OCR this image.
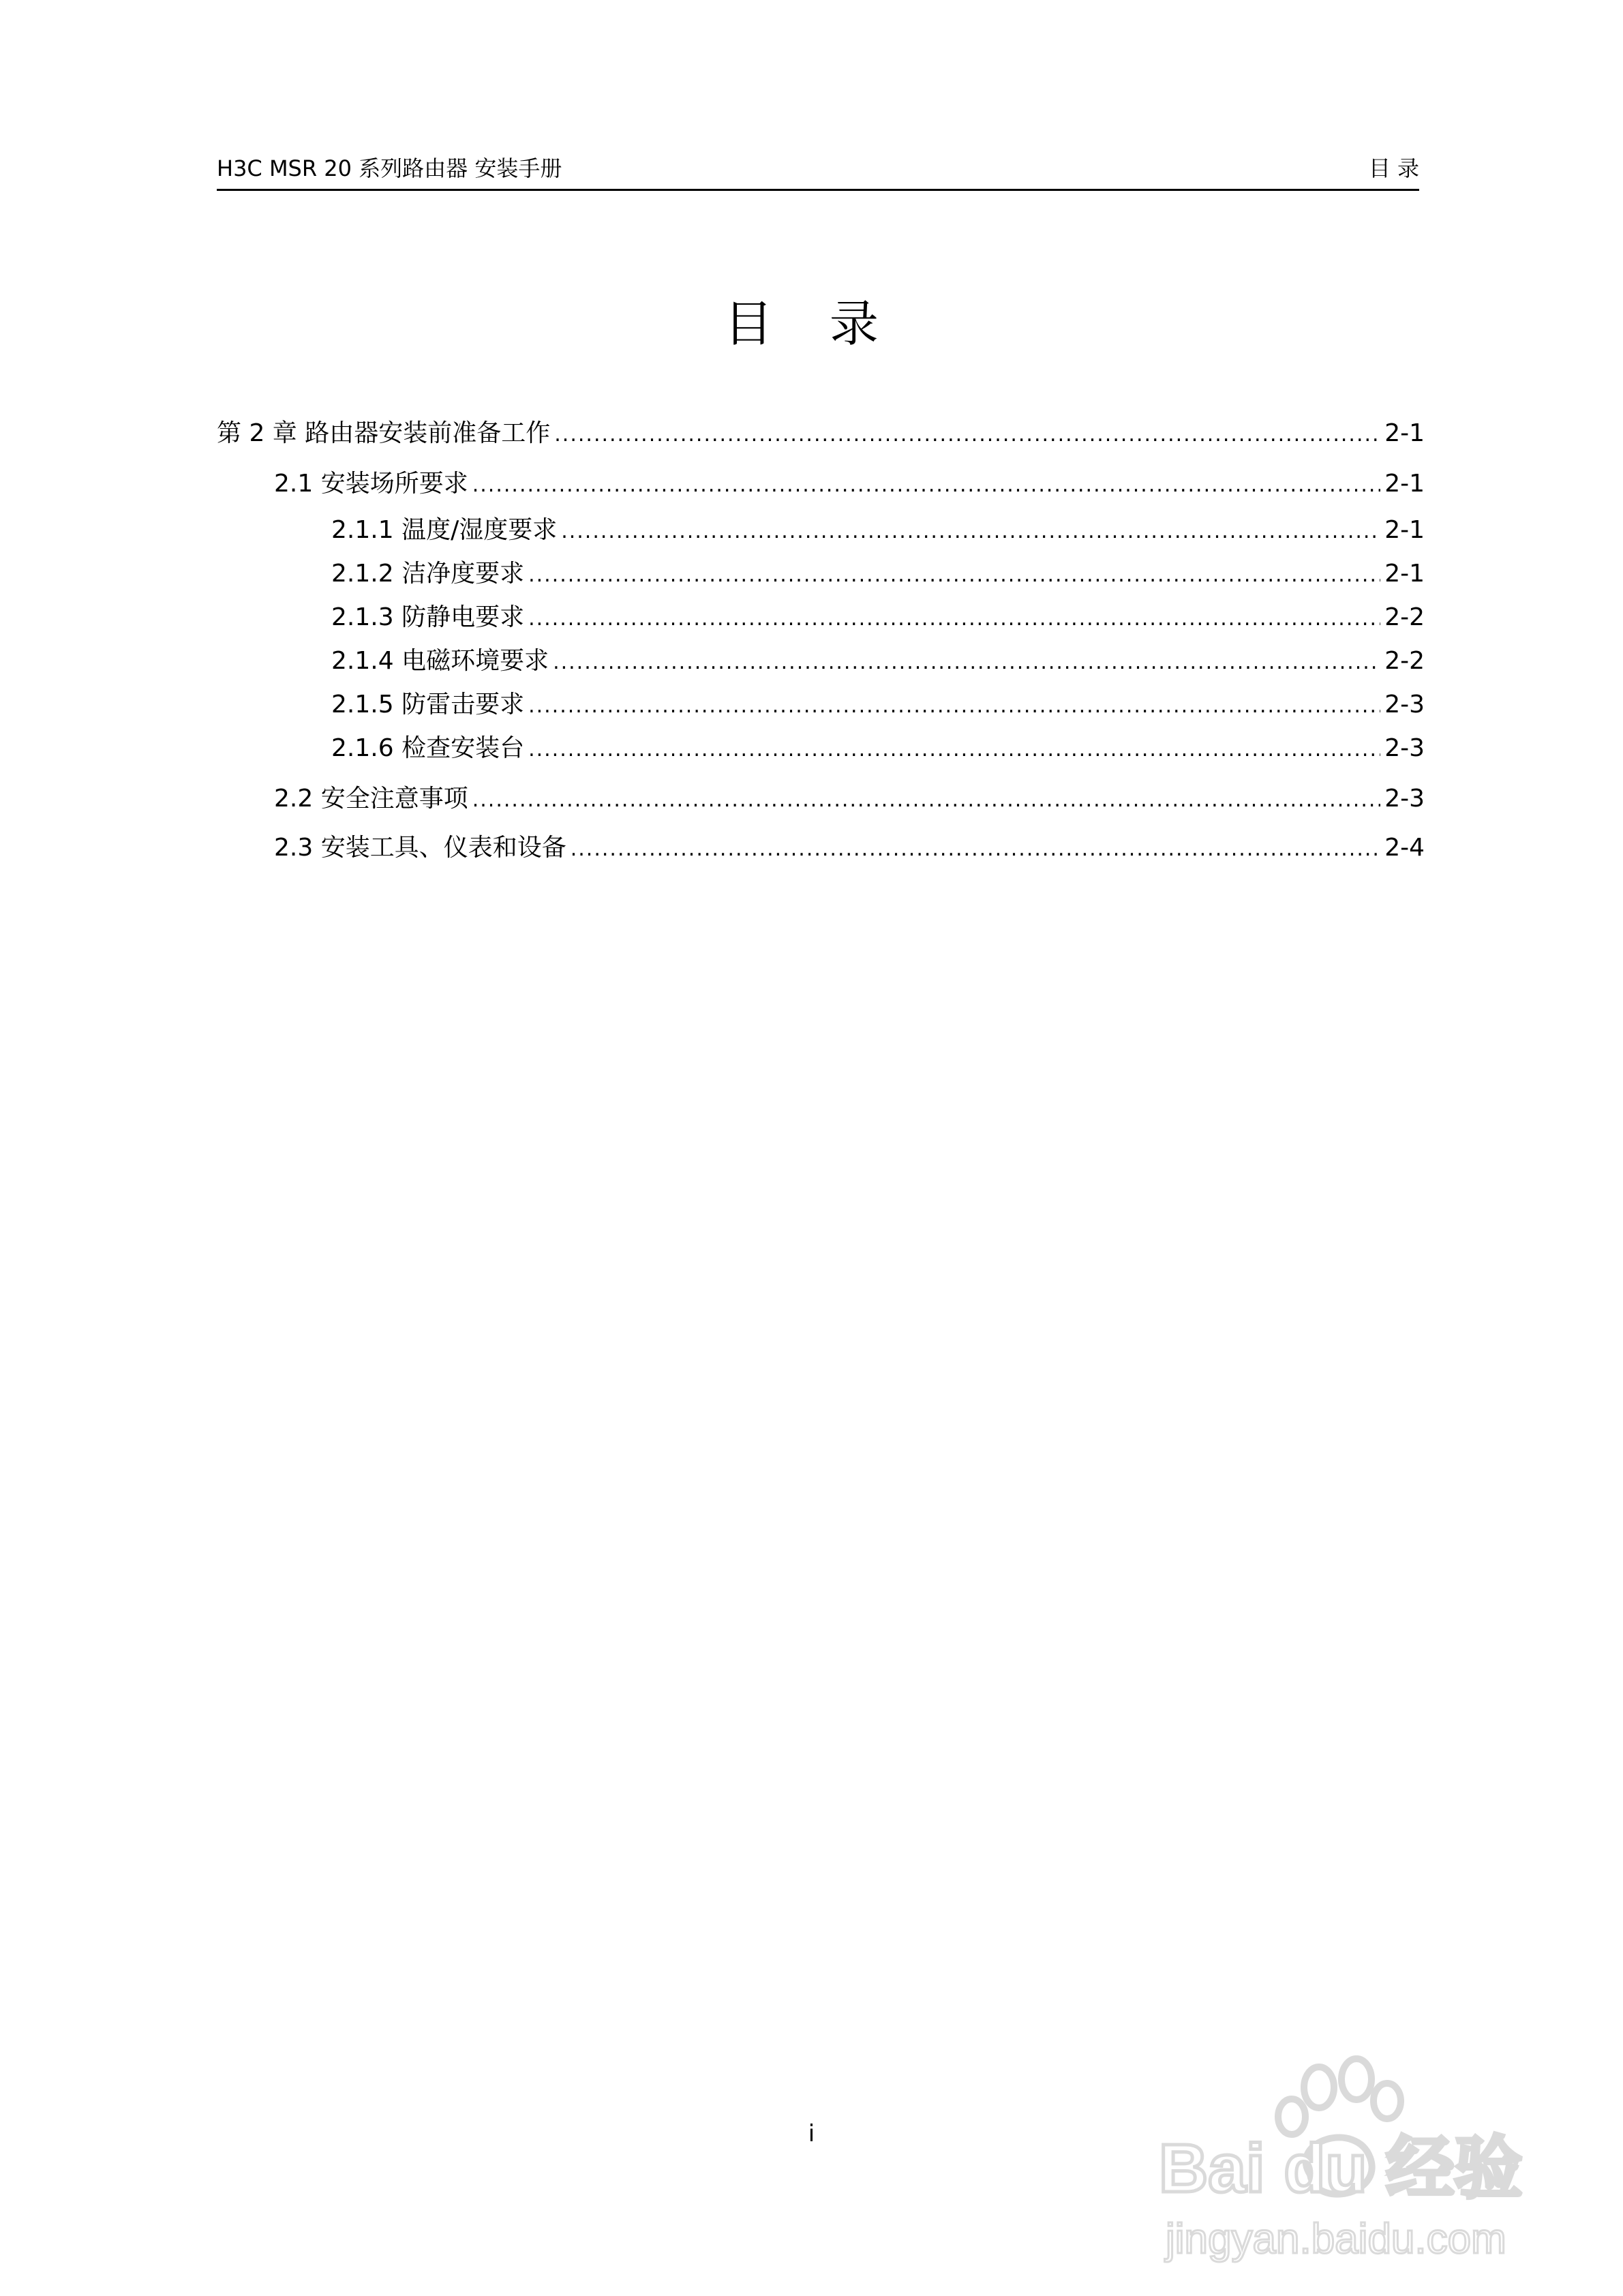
H3C MSR 20 系列路由器 安装手册	目 录
目 录
第 2 章 路由器安装前准备工作 .....	2-1
2.1 安装场所要求 .....	2-1
2.1.1 温度/湿度要求 .....	2-1
2.1.2 洁净度要求 .....	2-1
2.1.3 防静电要求 .....	2-2
2.1.4 电磁环境要求 .....	2-2
2.1.5 防雷击要求 .....	2-3
2.1.6 检查安装台 .....	2-3
2.2 安全注意事项 .....	2-3
2.3 安装工具、仪表和设备 .....	2-4
i	Bai du 经验
jingyan.baidu.com
